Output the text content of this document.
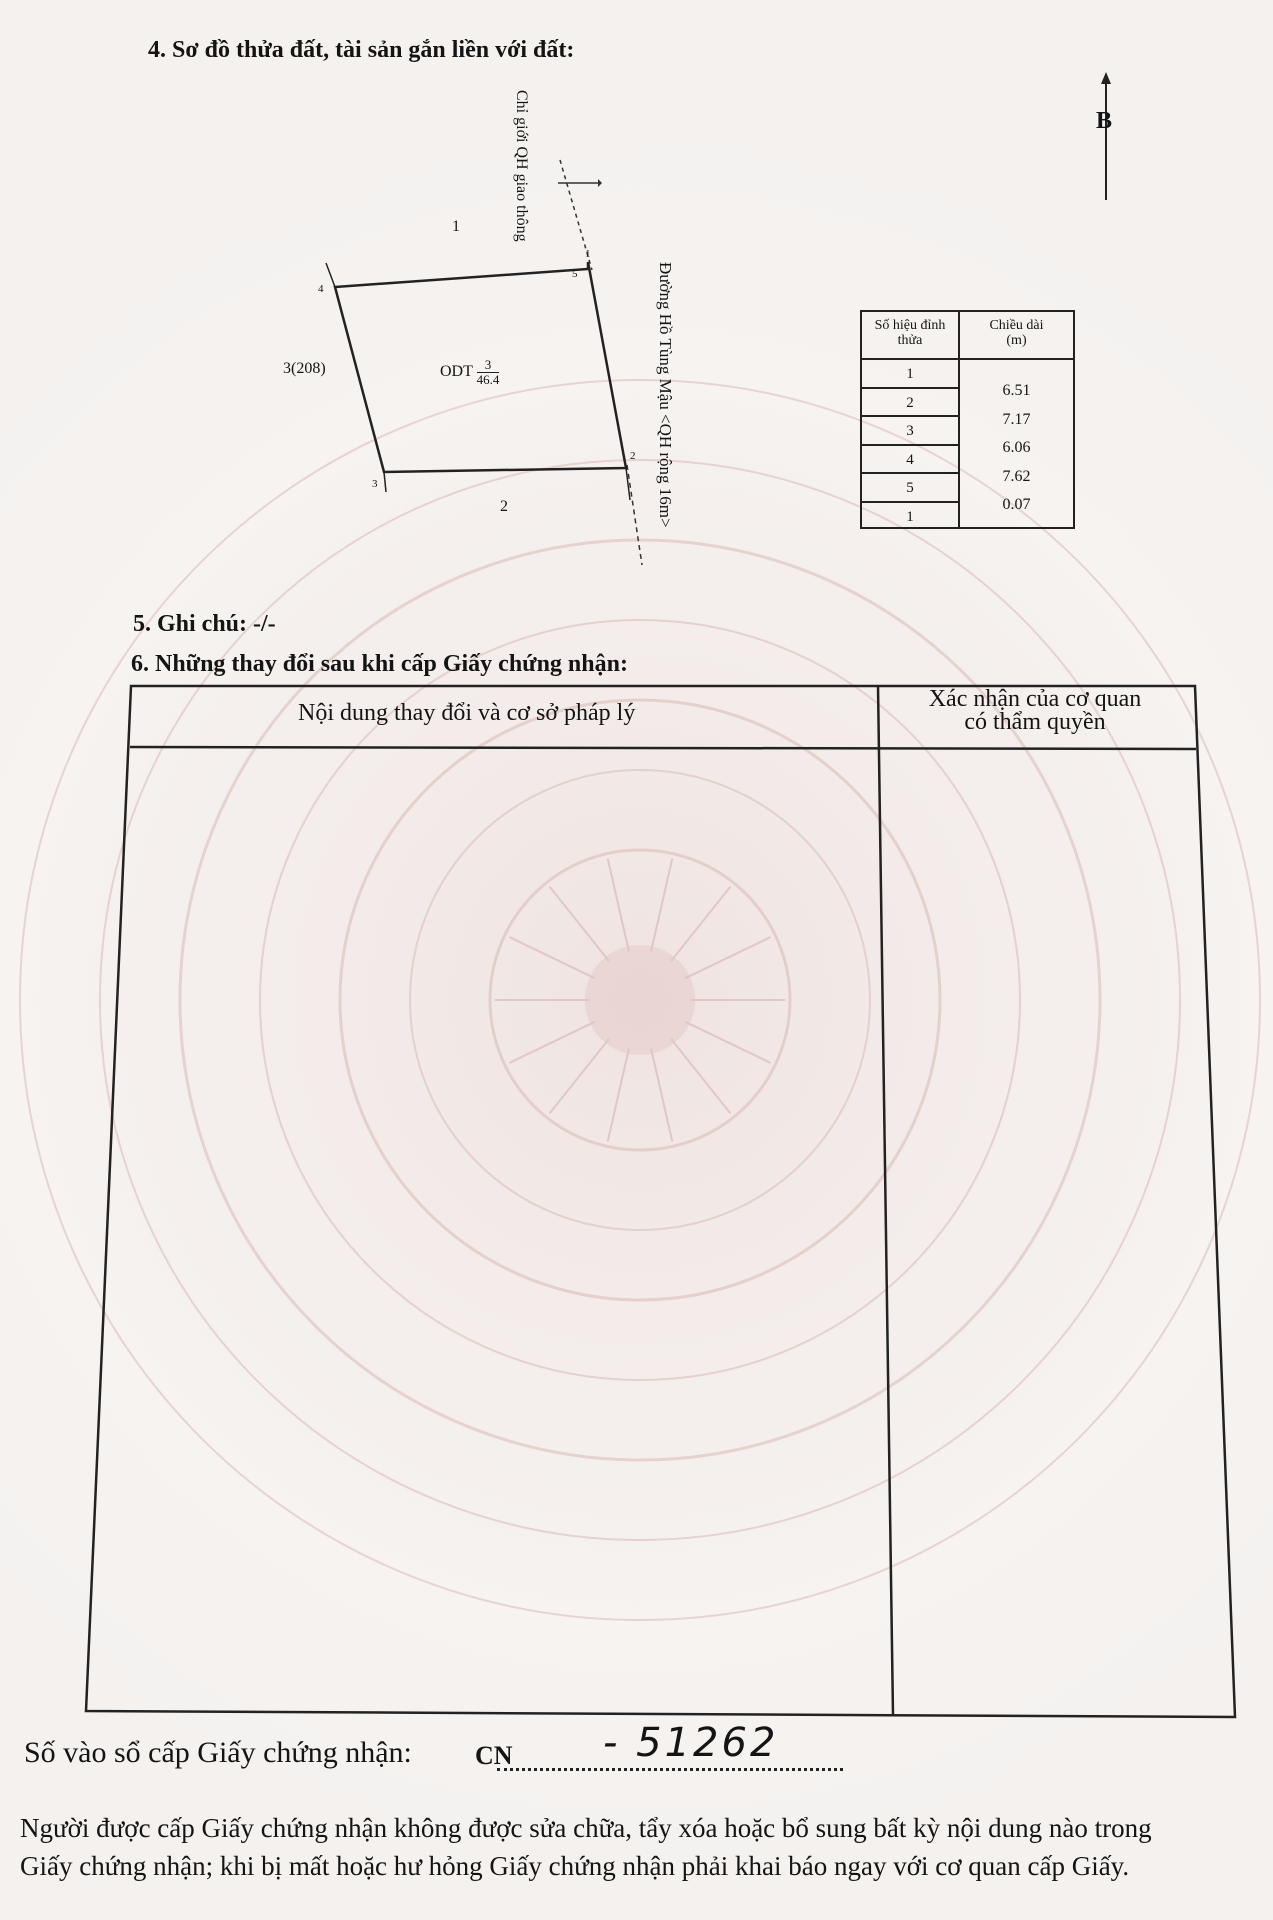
4. Sơ đồ thửa đất, tài sản gắn liền với đất:
B
Chỉ giới QH giao thông
Đường Hồ Tùng Mậu <QH rộng 16m>
1
3(208)
2
ODT $\frac{3}{46.4}$
1
2
3
4
5
Số hiệu đỉnh thửa
Chiều dài (m)
1
2
3
4
5
1
6.51
7.17
6.06
7.62
0.07
5. Ghi chú: -/-
6. Những thay đổi sau khi cấp Giấy chứng nhận:
Nội dung thay đổi và cơ sở pháp lý
Xác nhận của cơ quan
có thẩm quyền
Số vào sổ cấp Giấy chứng nhận: CN - 51262
Người được cấp Giấy chứng nhận không được sửa chữa, tẩy xóa hoặc bổ sung bất kỳ nội dung nào trong
Giấy chứng nhận; khi bị mất hoặc hư hỏng Giấy chứng nhận phải khai báo ngay với cơ quan cấp Giấy.
